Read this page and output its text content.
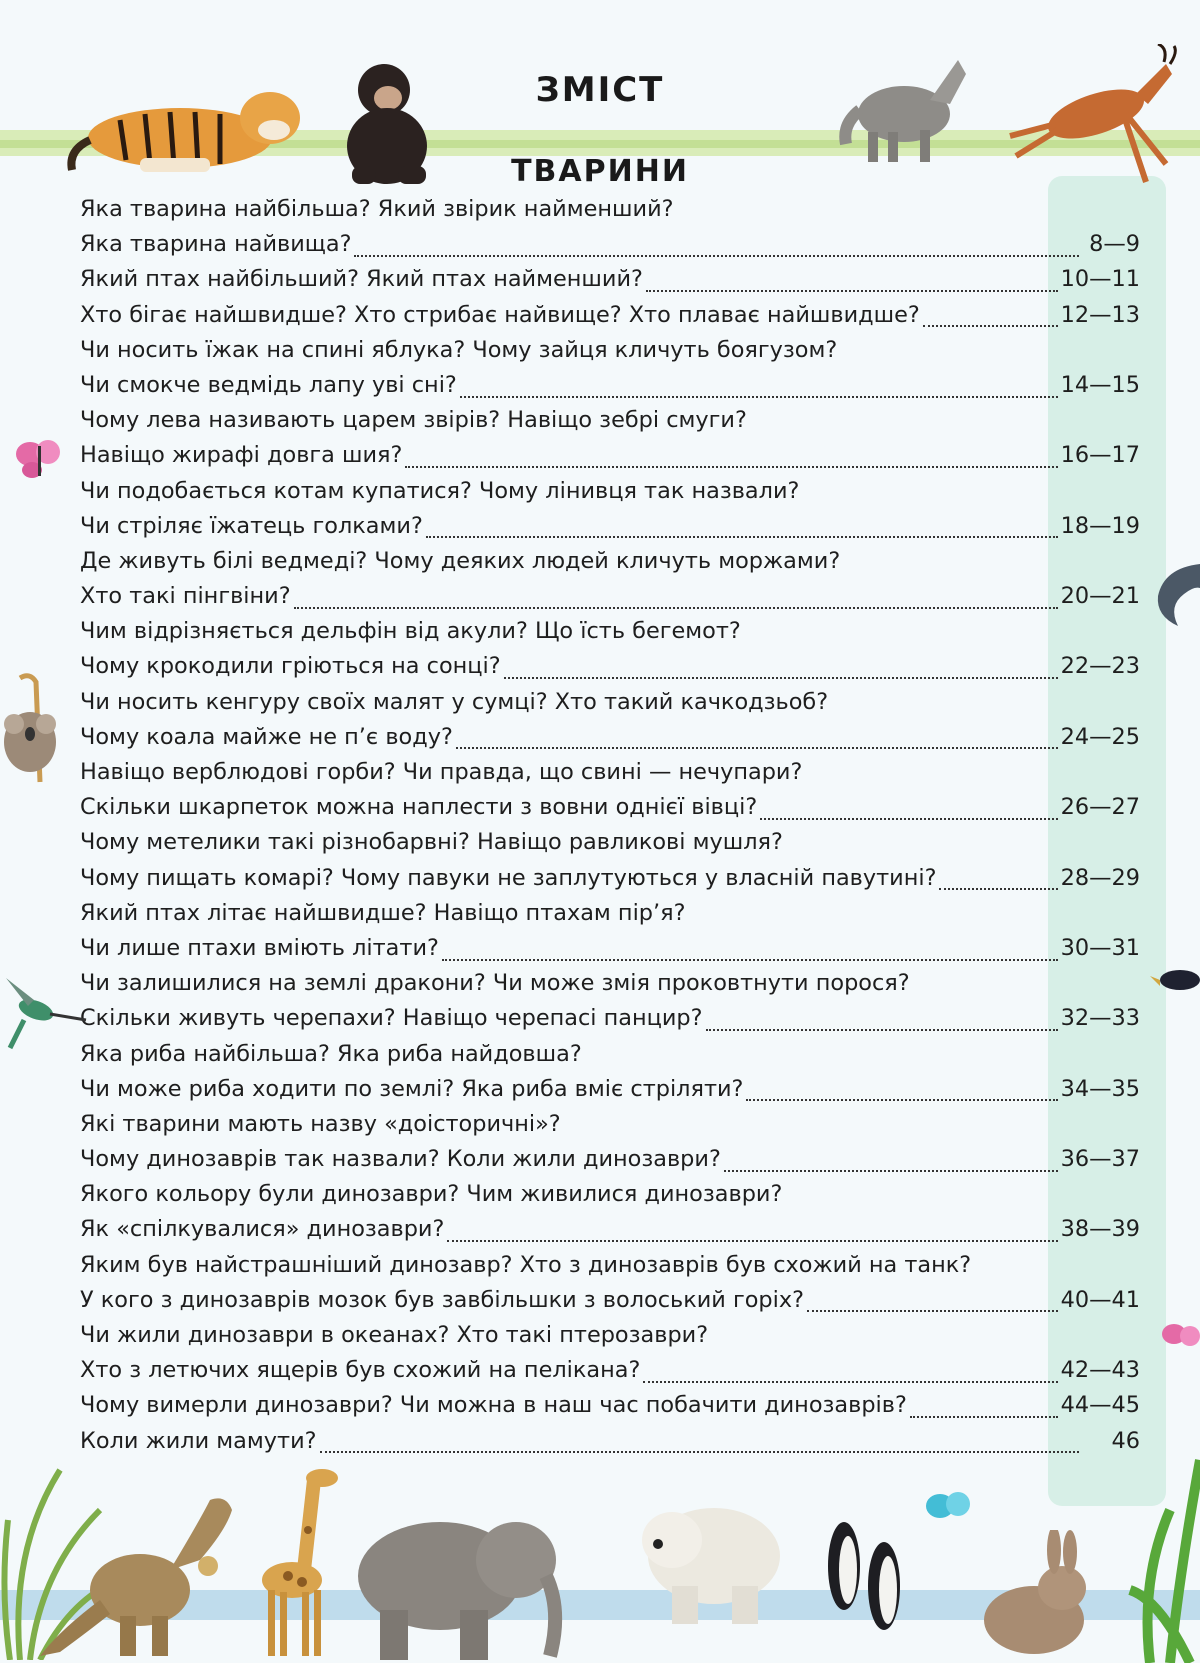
ЗМІСТ
ТВАРИНИ
Яка тварина найбільша? Який звірик найменший?
Яка тварина найвища?	8—9
Який птах найбільший? Який птах найменший?	10—11
Хто бігає найшвидше? Хто стрибає найвище? Хто плаває найшвидше?	12—13
Чи носить їжак на спині яблука? Чому зайця кличуть боягузом?
Чи смокче ведмідь лапу уві сні?	14—15
Чому лева називають царем звірів? Навіщо зебрі смуги?
Навіщо жирафі довга шия?	16—17
Чи подобається котам купатися? Чому лінивця так назвали?
Чи стріляє їжатець голками?	18—19
Де живуть білі ведмеді? Чому деяких людей кличуть моржами?
Хто такі пінгвіни?	20—21
Чим відрізняється дельфін від акули? Що їсть бегемот?
Чому крокодили гріються на сонці?	22—23
Чи носить кенгуру своїх малят у сумці? Хто такий качкодзьоб?
Чому коала майже не п’є воду?	24—25
Навіщо верблюдові горби? Чи правда, що свині — нечупари?
Скільки шкарпеток можна наплести з вовни однієї вівці?	26—27
Чому метелики такі різнобарвні? Навіщо равликові мушля?
Чому пищать комарі? Чому павуки не заплутуються у власній павутині?	28—29
Який птах літає найшвидше? Навіщо птахам пір’я?
Чи лише птахи вміють літати?	30—31
Чи залишилися на землі дракони? Чи може змія проковтнути порося?
Скільки живуть черепахи? Навіщо черепасі панцир?	32—33
Яка риба найбільша? Яка риба найдовша?
Чи може риба ходити по землі? Яка риба вміє стріляти?	34—35
Які тварини мають назву «доісторичні»?
Чому динозаврів так назвали? Коли жили динозаври?	36—37
Якого кольору були динозаври? Чим живилися динозаври?
Як «спілкувалися» динозаври?	38—39
Яким був найстрашніший динозавр? Хто з динозаврів був схожий на танк?
У кого з динозаврів мозок був завбільшки з волоський горіх?	40—41
Чи жили динозаври в океанах? Хто такі птерозаври?
Хто з летючих ящерів був схожий на пелікана?	42—43
Чому вимерли динозаври? Чи можна в наш час побачити динозаврів?	44—45
Коли жили мамути?	46
